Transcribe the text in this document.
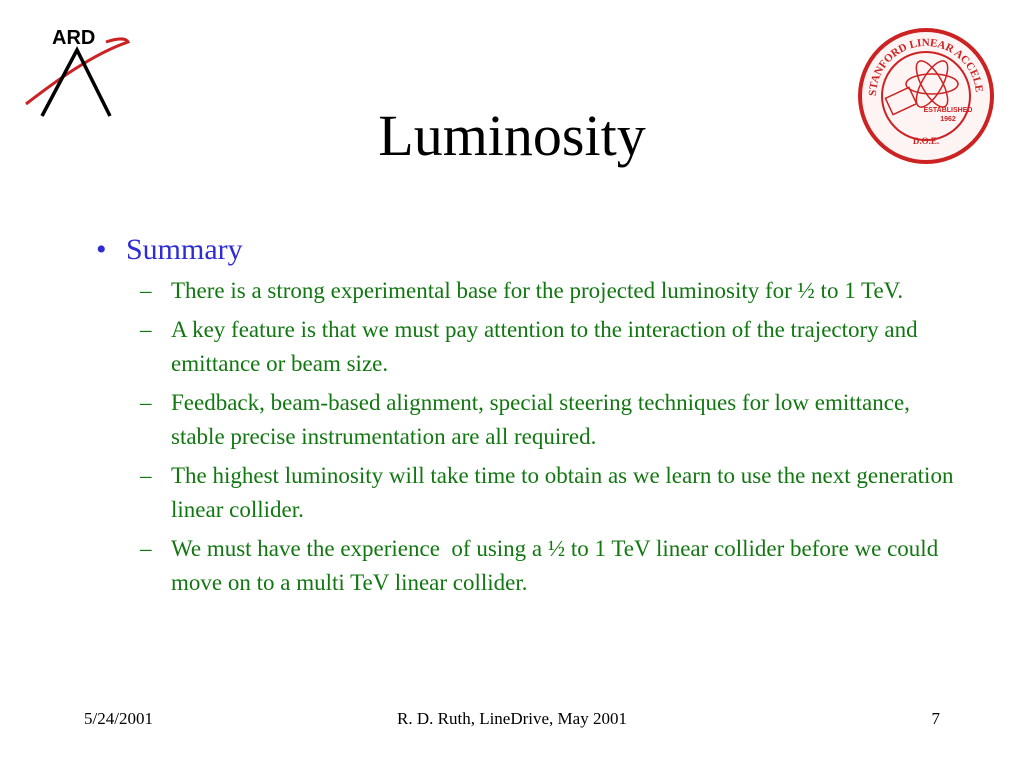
ARD
STANFORD LINEAR ACCELE
ESTABLISHED
1962
D.O.E.
Luminosity
• Summary
– There is a strong experimental base for the projected luminosity for ½ to 1 TeV.
– A key feature is that we must pay attention to the interaction of the trajectory and emittance or beam size.
– Feedback, beam-based alignment, special steering techniques for low emittance, stable precise instrumentation are all required.
– The highest luminosity will take time to obtain as we learn to use the next generation linear collider.
– We must have the experience  of using a ½ to 1 TeV linear collider before we could move on to a multi TeV linear collider.
5/24/2001	R. D. Ruth, LineDrive, May 2001	7
